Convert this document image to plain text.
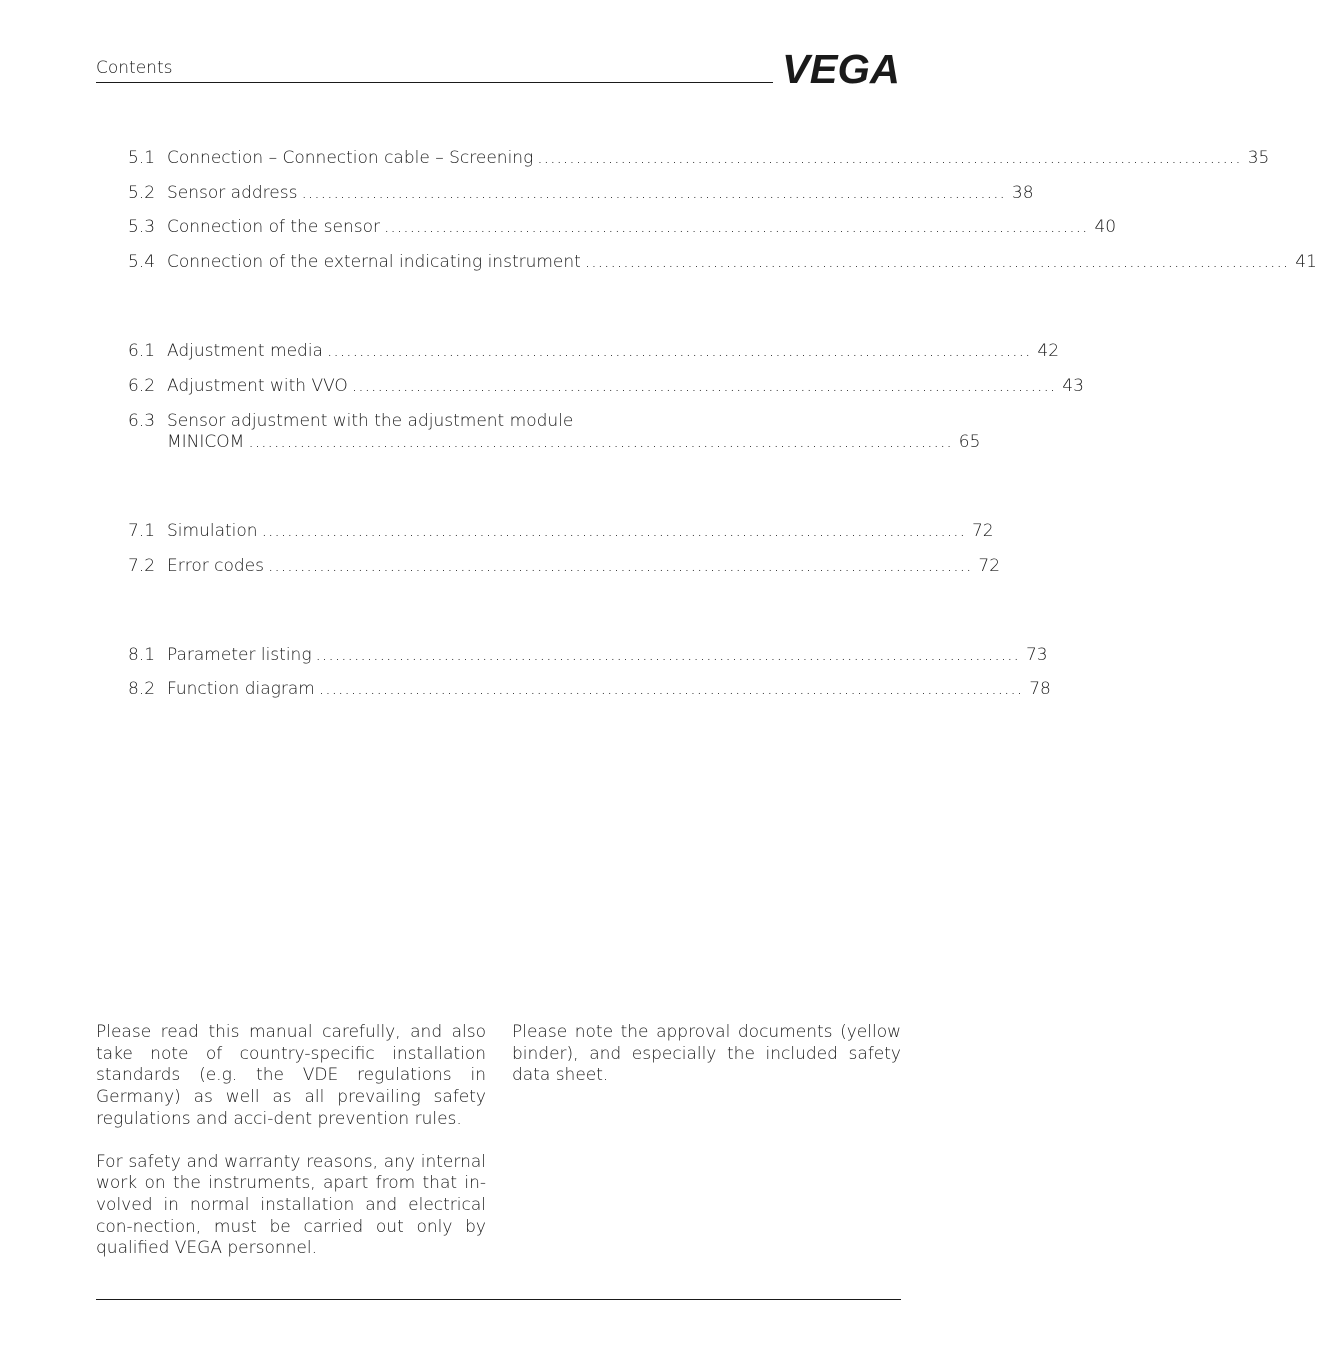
Contents	VEGA
5.1 Connection – Connection cable – Screening .............................................................................................................. 35
5.2 Sensor address .............................................................................................................. 38
5.3 Connection of the sensor .............................................................................................................. 40
5.4 Connection of the external indicating instrument .............................................................................................................. 41
6.1 Adjustment media .............................................................................................................. 42
6.2 Adjustment with VVO .............................................................................................................. 43
6.3 Sensor adjustment with the adjustment module
MINICOM .............................................................................................................. 65
7.1 Simulation .............................................................................................................. 72
7.2 Error codes .............................................................................................................. 72
8.1 Parameter listing .............................................................................................................. 73
8.2 Function diagram .............................................................................................................. 78

Please read this manual carefully, and also take note of country-specific installation standards (e.g. the VDE regulations in Germany) as well as all prevailing safety regulations and acci-dent prevention rules.

For safety and warranty reasons, any internal work on the instruments, apart from that in-volved in normal installation and electrical con-nection, must be carried out only by qualified VEGA personnel.

Please note the approval documents (yellow binder), and especially the included safety data sheet.
